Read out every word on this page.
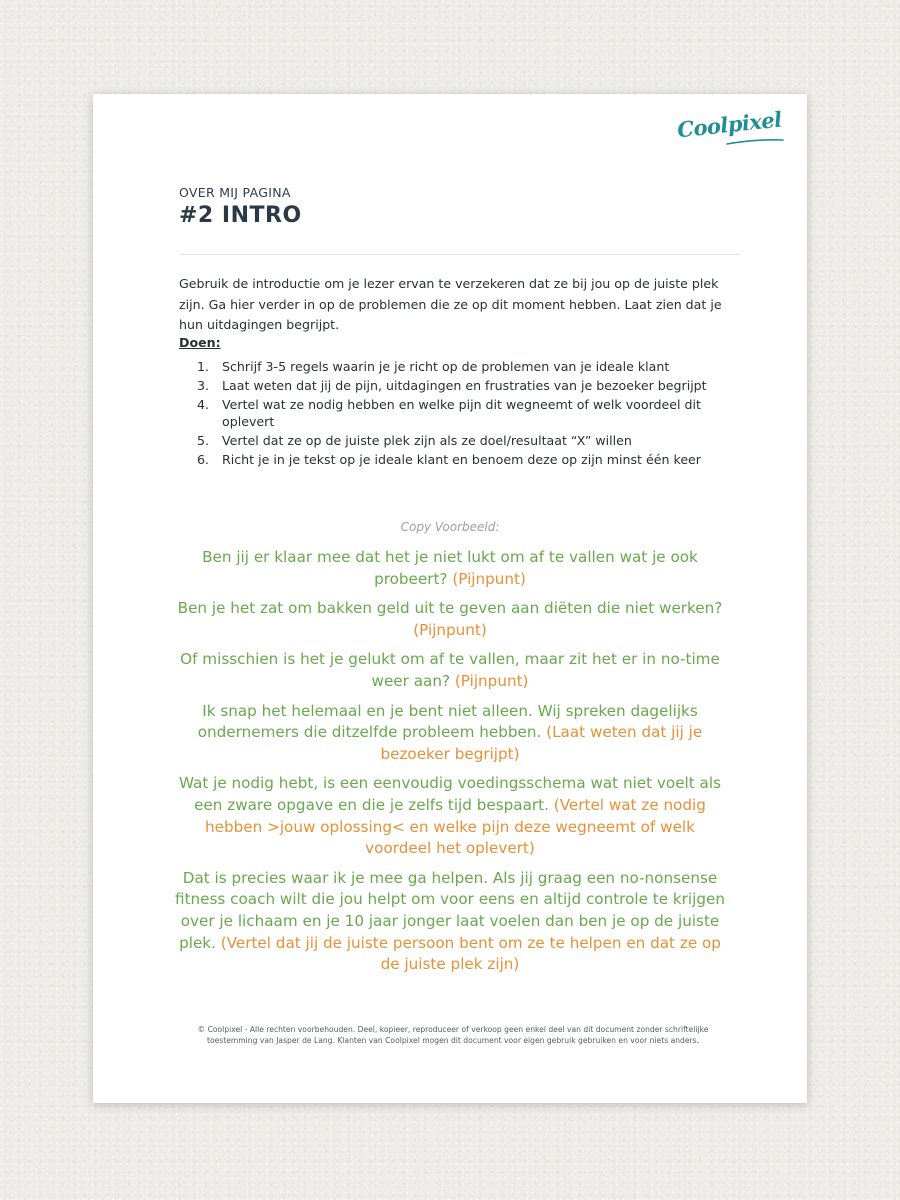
Coolpixel
OVER MIJ PAGINA
#2 INTRO
Gebruik de introductie om je lezer ervan te verzekeren dat ze bij jou op de juiste plek zijn. Ga hier verder in op de problemen die ze op dit moment hebben. Laat zien dat je hun uitdagingen begrijpt.
Doen:
1. Schrijf 3-5 regels waarin je je richt op de problemen van je ideale klant
3. Laat weten dat jij de pijn, uitdagingen en frustraties van je bezoeker begrijpt
4. Vertel wat ze nodig hebben en welke pijn dit wegneemt of welk voordeel dit oplevert
5. Vertel dat ze op de juiste plek zijn als ze doel/resultaat “X” willen
6. Richt je in je tekst op je ideale klant en benoem deze op zijn minst één keer
Copy Voorbeeld:

Ben jij er klaar mee dat het je niet lukt om af te vallen wat je ook probeert? (Pijnpunt)

Ben je het zat om bakken geld uit te geven aan diëten die niet werken? (Pijnpunt)

Of misschien is het je gelukt om af te vallen, maar zit het er in no-time weer aan? (Pijnpunt)

Ik snap het helemaal en je bent niet alleen. Wij spreken dagelijks ondernemers die ditzelfde probleem hebben. (Laat weten dat jij je bezoeker begrijpt)

Wat je nodig hebt, is een eenvoudig voedingsschema wat niet voelt als een zware opgave en die je zelfs tijd bespaart. (Vertel wat ze nodig hebben >jouw oplossing< en welke pijn deze wegneemt of welk voordeel het oplevert)

Dat is precies waar ik je mee ga helpen. Als jij graag een no-nonsense fitness coach wilt die jou helpt om voor eens en altijd controle te krijgen over je lichaam en je 10 jaar jonger laat voelen dan ben je op de juiste plek. (Vertel dat jij de juiste persoon bent om ze te helpen en dat ze op de juiste plek zijn)

© Coolpixel - Alle rechten voorbehouden. Deel, kopieer, reproduceer of verkoop geen enkel deel van dit document zonder schriftelijke toestemming van Jasper de Lang. Klanten van Coolpixel mogen dit document voor eigen gebruik gebruiken en voor niets anders.
